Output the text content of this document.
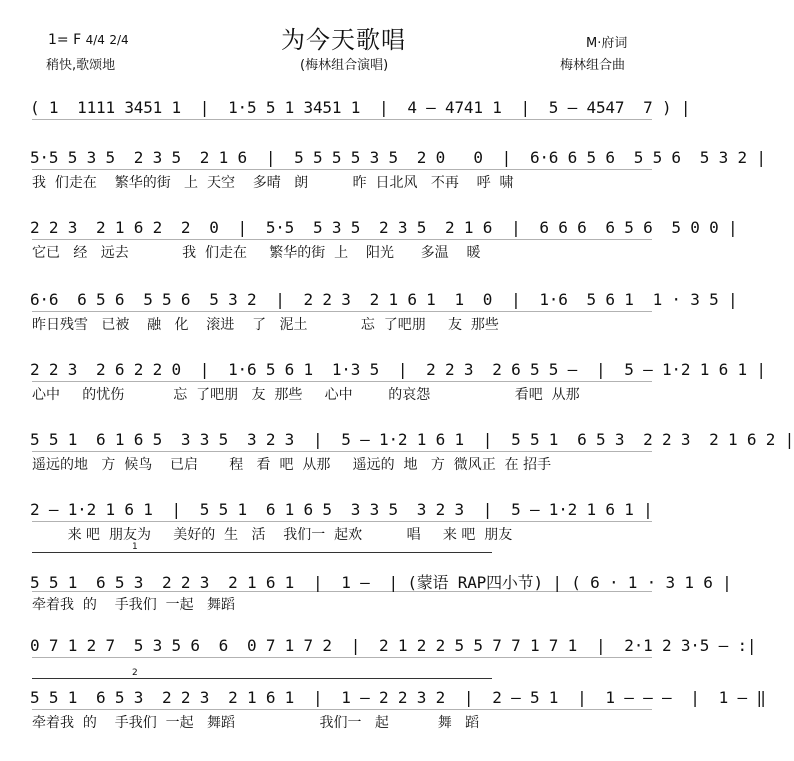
1= F 4/4 2/4	为今天歌唱	M·府词
稍快,歌颂地	(梅林组合演唱)	梅林组合曲
( 1  1111 3451 1  |  1·5 5 1 3451 1  |  4 – 4741 1  |  5 – 4547  7 ) |
5·5 5 3 5  2 3 5  2 1 6  |  5 5 5 5 3 5  2 0   0  |  6·6 6 5 6  5 5 6  5 3 2 |
我  们走在    繁华的街   上  天空    多晴   朗          昨  日北风   不再    呼  啸
2 2 3  2 1 6 2  2  0  |  5·5  5 3 5  2 3 5  2 1 6  |  6 6 6  6 5 6  5 0 0 |
它已   经   远去            我  们走在     繁华的街  上    阳光      多温    暖
6·6  6 5 6  5 5 6  5 3 2  |  2 2 3  2 1 6 1  1  0  |  1·6  5 6 1  1 · 3 5 |
昨日残雪   已被    融   化    滚进    了   泥土            忘  了吧朋     友  那些
2 2 3  2 6 2 2 0  |  1·6 5 6 1  1·3 5  |  2 2 3  2 6 5 5 –  |  5 – 1·2 1 6 1 |
心中     的忧伤           忘  了吧朋   友  那些     心中        的哀怨                   看吧  从那
5 5 1  6 1 6 5  3 3 5  3 2 3  |  5 – 1·2 1 6 1  |  5 5 1  6 5 3  2 2 3  2 1 6 2 |
遥远的地   方  候鸟    已启       程   看  吧  从那     遥远的  地   方  微风正  在 招手
2 – 1·2 1 6 1  |  5 5 1  6 1 6 5  3 3 5  3 2 3  |  5 – 1·2 1 6 1 |
来 吧  朋友为     美好的  生   活    我们一  起欢          唱     来 吧  朋友
5 5 1  6 5 3  2 2 3  2 1 6 1  |  1 –  | (蒙语 RAP四小节) | ( 6 · 1 · 3 1 6 |
牵着我  的    手我们  一起   舞蹈
0 7 1 2 7  5 3 5 6  6  0 7 1 7 2  |  2 1 2 2 5 5 7 7 1 7 1  |  2·1 2 3·5 – :|
5 5 1  6 5 3  2 2 3  2 1 6 1  |  1 – 2 2 3 2  |  2 – 5 1  |  1 – – –  |  1 – ‖
牵着我  的    手我们  一起   舞蹈                   我们一   起           舞   蹈
1
2
